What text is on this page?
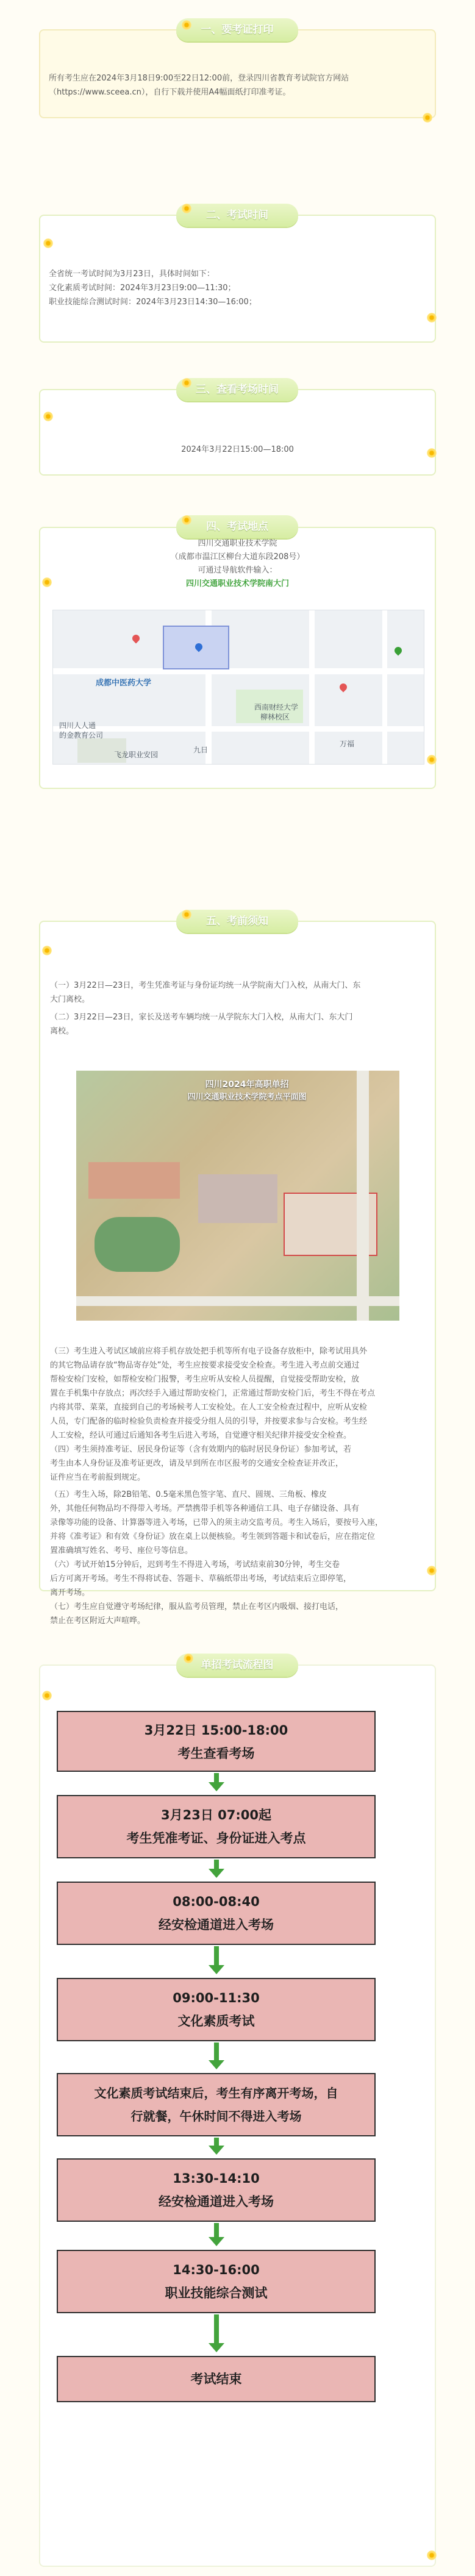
一、要考证打印
所有考生应在2024年3月18日9:00至22日12:00前，登录四川省教育考试院官方网站
（https://www.sceea.cn），自行下载并使用A4幅面纸打印准考证。
二、考试时间
全省统一考试时间为3月23日，具体时间如下：
文化素质考试时间：2024年3月23日9:00—11:30；
职业技能综合测试时间：2024年3月23日14:30—16:00；
三、查看考场时间
2024年3月22日15:00—18:00
四、考试地点
四川交通职业技术学院
（成都市温江区柳台大道东段208号）
可通过导航软件输入：
四川交通职业技术学院南大门
成都中医药大学
西南财经大学
柳林校区
四川人人通
的金教育公司
飞龙职业安园
九日
万福
五、考前须知
（一）3月22日—23日，考生凭准考证与身份证均统一从学院南大门入校，从南大门、东
大门离校。
（二）3月22日—23日，家长及送考车辆均统一从学院东大门入校，从南大门、东大门
离校。
四川2024年高职单招
四川交通职业技术学院考点平面图
（三）考生进入考试区域前应将手机存放处把手机等所有电子设备存放柜中，除考试用具外
的其它物品请存放“物品寄存处”处，考生应按要求接受安全检查。考生进入考点前交通过
帮检安检门安检，如帮检安检门报警，考生应听从安检人员提醒，自觉接受帮助安检，放
置在手机集中存放点；再次经手入通过帮助安检门，正常通过帮助安检门后，考生不得在考点
内将其带、菜菜，直接到自己的考场候考人工安检处。在人工安全检查过程中，应听从安检
人员，专门配备的临时检验负责检查并接受分组人员的引导，并按要求参与合安检。考生经
人工安检，经认可通过后通知各考生后进入考场，自觉遵守相关纪律并接受安全检查。
（四）考生须持准考证、居民身份证等（含有效期内的临时居民身份证）参加考试，若
考生由本人身份证及准考证更改，请及早到所在市区报考的交通安全检查证并改正，
证件应当在考前报到规定。
（五）考生入场，除2B铅笔、0.5毫米黑色签字笔、直尺、圆规、三角板、橡皮
外，其他任何物品均不得带入考场。严禁携带手机等各种通信工具、电子存储设备、具有
录像等功能的设备、计算器等进入考场，已带入的须主动交监考员。考生入场后，要按号入座，
并将《准考证》和有效《身份证》放在桌上以便核验。考生领到答题卡和试卷后，应在指定位
置准确填写姓名、考号、座位号等信息。
（六）考试开始15分钟后，迟到考生不得进入考场，考试结束前30分钟，考生交卷
后方可离开考场。考生不得将试卷、答题卡、草稿纸带出考场，考试结束后立即停笔，
离开考场。
（七）考生应自觉遵守考场纪律，服从监考员管理，禁止在考区内吸烟、接打电话，
禁止在考区附近大声喧哗。
单招考试流程图
3月22日 15:00-18:00
考生查看考场
3月23日 07:00起
考生凭准考证、身份证进入考点
08:00-08:40
经安检通道进入考场
09:00-11:30
文化素质考试
文化素质考试结束后，考生有序离开考场，自
行就餐，午休时间不得进入考场
13:30-14:10
经安检通道进入考场
14:30-16:00
职业技能综合测试
考试结束
